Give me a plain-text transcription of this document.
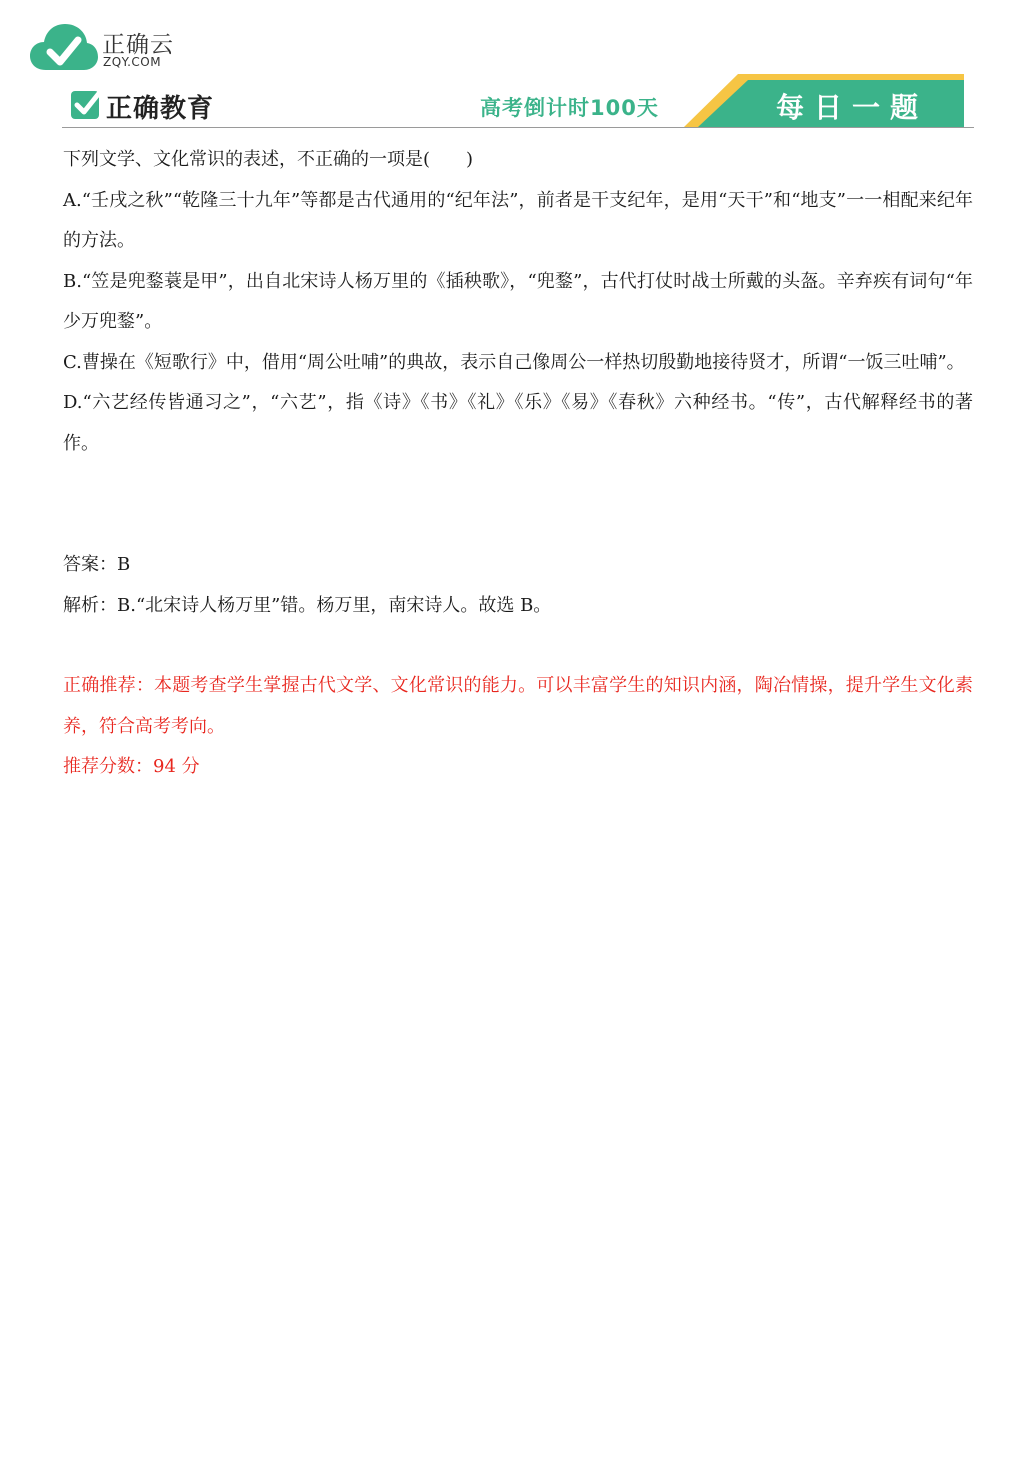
正确云
ZQY.COM
正确教育	高考倒计时100天	每日一题

下列文学、文化常识的表述，不正确的一项是(　　)

A.“壬戌之秋”“乾隆三十九年”等都是古代通用的“纪年法”，前者是干支纪年，是用“天干”和“地支”一一相配来纪年的方法。

B.“笠是兜鍪蓑是甲”，出自北宋诗人杨万里的《插秧歌》，“兜鍪”，古代打仗时战士所戴的头盔。辛弃疾有词句“年少万兜鍪”。

C.曹操在《短歌行》中，借用“周公吐哺”的典故，表示自己像周公一样热切殷勤地接待贤才，所谓“一饭三吐哺”。

D.“六艺经传皆通习之”，“六艺”，指《诗》《书》《礼》《乐》《易》《春秋》六种经书。“传”，古代解释经书的著作。

答案：B

解析：B.“北宋诗人杨万里”错。杨万里，南宋诗人。故选 B。

正确推荐：本题考查学生掌握古代文学、文化常识的能力。可以丰富学生的知识内涵，陶冶情操，提升学生文化素养，符合高考考向。

推荐分数：94 分
